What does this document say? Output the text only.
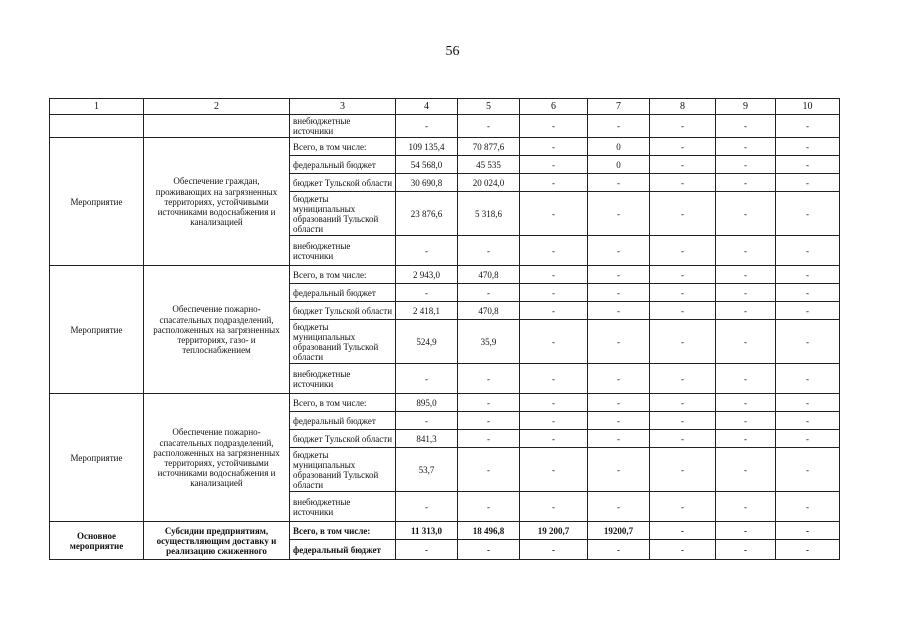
56
1	2	3	4	5	6	7	8	9	10
		внебюджетные источники	-	-	-	-	-	-	-
Мероприятие	Обеспечение граждан, проживающих на загрязненных территориях, устойчивыми источниками водоснабжения и канализацией	Всего, в том числе:	109 135,4	70 877,6	-	0	-	-	-
		федеральный бюджет	54 568,0	45 535	-	0	-	-	-
		бюджет Тульской области	30 690,8	20 024,0	-	-	-	-	-
		бюджеты муниципальных образований Тульской области	23 876,6	5 318,6	-	-	-	-	-
		внебюджетные источники	-	-	-	-	-	-	-
Мероприятие	Обеспечение пожарно-спасательных подразделений, расположенных на загрязненных территориях, газо- и теплоснабжением	Всего, в том числе:	2 943,0	470,8	-	-	-	-	-
		федеральный бюджет	-	-	-	-	-	-	-
		бюджет Тульской области	2 418,1	470,8	-	-	-	-	-
		бюджеты муниципальных образований Тульской области	524,9	35,9	-	-	-	-	-
		внебюджетные источники	-	-	-	-	-	-	-
Мероприятие	Обеспечение пожарно-спасательных подразделений, расположенных на загрязненных территориях, устойчивыми источниками водоснабжения и канализацией	Всего, в том числе:	895,0	-	-	-	-	-	-
		федеральный бюджет	-	-	-	-	-	-	-
		бюджет Тульской области	841,3	-	-	-	-	-	-
		бюджеты муниципальных образований Тульской области	53,7	-	-	-	-	-	-
		внебюджетные источники	-	-	-	-	-	-	-
Основное мероприятие	Субсидии предприятиям, осуществляющим доставку и реализацию сжиженного	Всего, в том числе:	11 313,0	18 496,8	19 200,7	19200,7	-	-	-
		федеральный бюджет	-	-	-	-	-	-	-
